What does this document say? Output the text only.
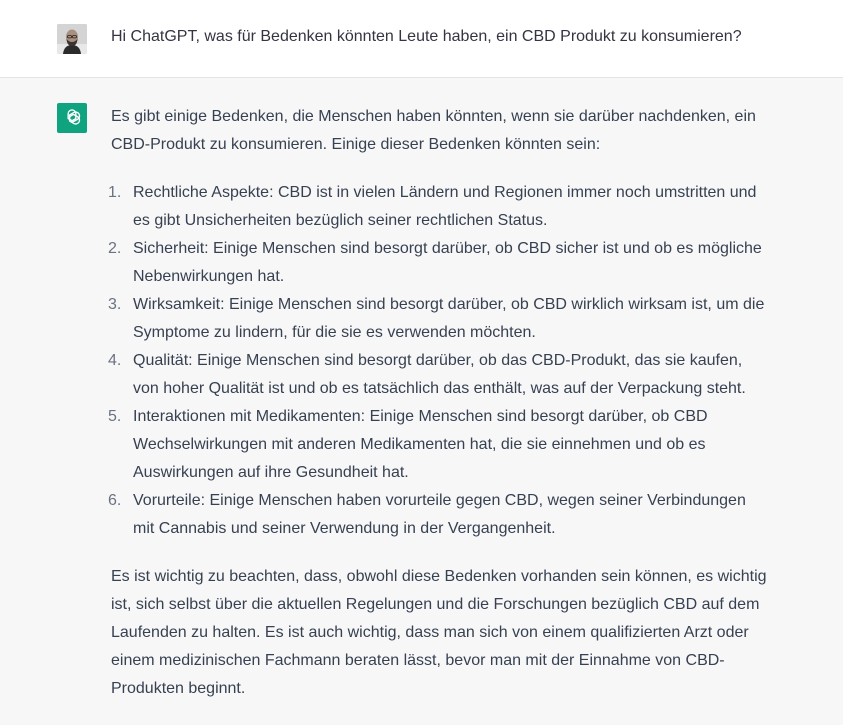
Hi ChatGPT, was für Bedenken könnten Leute haben, ein CBD Produkt zu konsumieren?

Es gibt einige Bedenken, die Menschen haben könnten, wenn sie darüber nachdenken, ein CBD-Produkt zu konsumieren. Einige dieser Bedenken könnten sein:

1. Rechtliche Aspekte: CBD ist in vielen Ländern und Regionen immer noch umstritten und es gibt Unsicherheiten bezüglich seiner rechtlichen Status.
2. Sicherheit: Einige Menschen sind besorgt darüber, ob CBD sicher ist und ob es mögliche Nebenwirkungen hat.
3. Wirksamkeit: Einige Menschen sind besorgt darüber, ob CBD wirklich wirksam ist, um die Symptome zu lindern, für die sie es verwenden möchten.
4. Qualität: Einige Menschen sind besorgt darüber, ob das CBD-Produkt, das sie kaufen, von hoher Qualität ist und ob es tatsächlich das enthält, was auf der Verpackung steht.
5. Interaktionen mit Medikamenten: Einige Menschen sind besorgt darüber, ob CBD Wechselwirkungen mit anderen Medikamenten hat, die sie einnehmen und ob es Auswirkungen auf ihre Gesundheit hat.
6. Vorurteile: Einige Menschen haben vorurteile gegen CBD, wegen seiner Verbindungen mit Cannabis und seiner Verwendung in der Vergangenheit.

Es ist wichtig zu beachten, dass, obwohl diese Bedenken vorhanden sein können, es wichtig ist, sich selbst über die aktuellen Regelungen und die Forschungen bezüglich CBD auf dem Laufenden zu halten. Es ist auch wichtig, dass man sich von einem qualifizierten Arzt oder einem medizinischen Fachmann beraten lässt, bevor man mit der Einnahme von CBD-Produkten beginnt.
